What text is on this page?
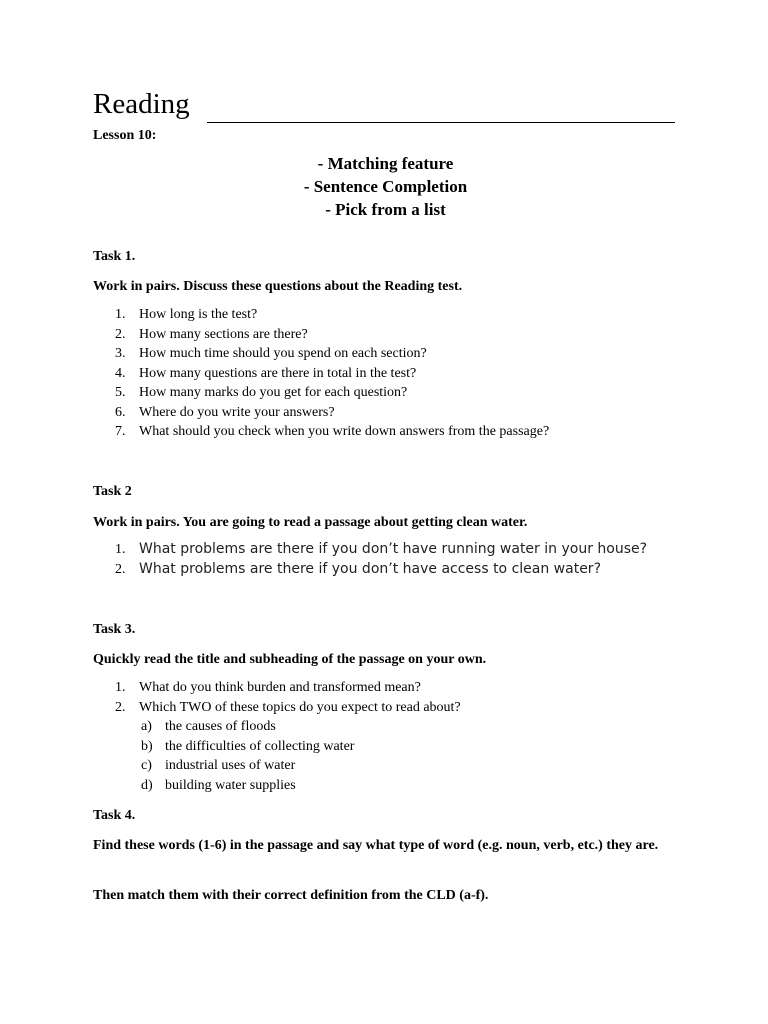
Reading
Lesson 10:
- Matching feature
- Sentence Completion
- Pick from a list
Task 1.
Work in pairs. Discuss these questions about the Reading test.
1. How long is the test?
2. How many sections are there?
3. How much time should you spend on each section?
4. How many questions are there in total in the test?
5. How many marks do you get for each question?
6. Where do you write your answers?
7. What should you check when you write down answers from the passage?
Task 2
Work in pairs. You are going to read a passage about getting clean water.
1. What problems are there if you don’t have running water in your house?
2. What problems are there if you don’t have access to clean water?
Task 3.
Quickly read the title and subheading of the passage on your own.
1. What do you think burden and transformed mean?
2. Which TWO of these topics do you expect to read about?
a) the causes of floods
b) the difficulties of collecting water
c) industrial uses of water
d) building water supplies
Task 4.
Find these words (1-6) in the passage and say what type of word (e.g. noun, verb, etc.) they are.
Then match them with their correct definition from the CLD (a-f).
